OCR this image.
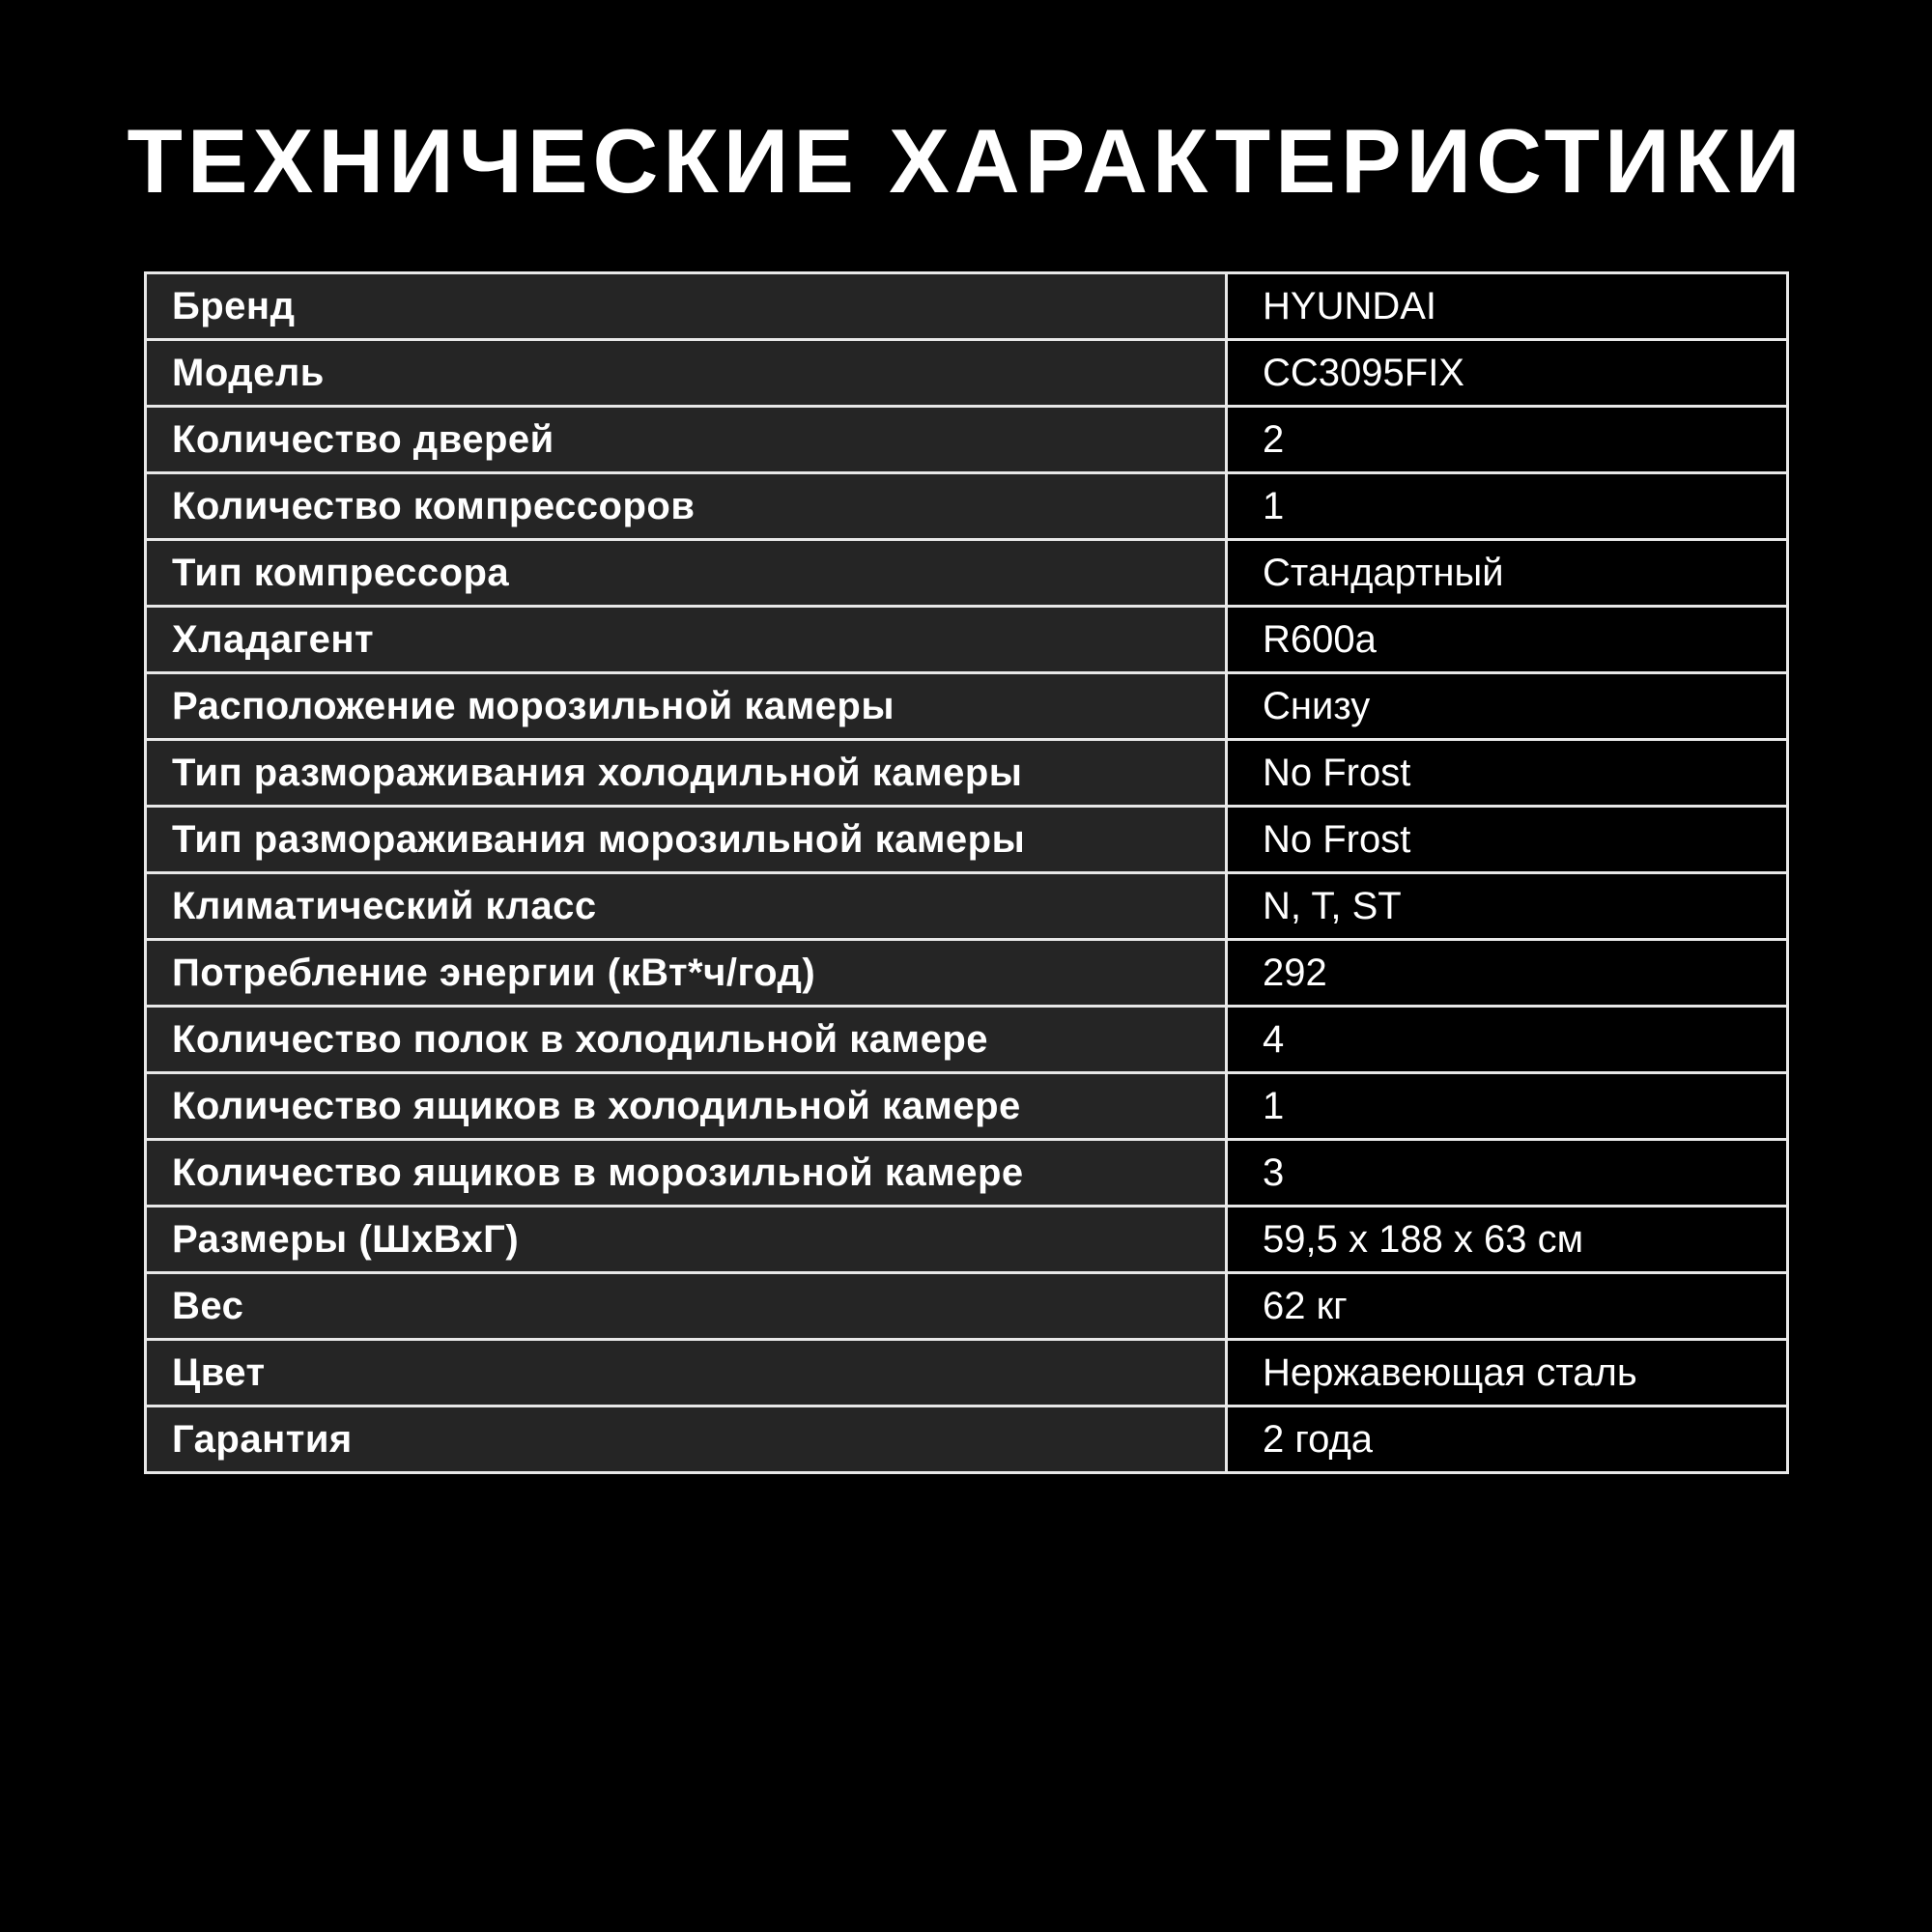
ТЕХНИЧЕСКИЕ ХАРАКТЕРИСТИКИ
Бренд	HYUNDAI
Модель	CC3095FIX
Количество дверей	2
Количество компрессоров	1
Тип компрессора	Стандартный
Хладагент	R600a
Расположение морозильной камеры	Снизу
Тип размораживания холодильной камеры	No Frost
Тип размораживания морозильной камеры	No Frost
Климатический класс	N, T, ST
Потребление энергии (кВт*ч/год)	292
Количество полок в холодильной камере	4
Количество ящиков в холодильной камере	1
Количество ящиков в морозильной камере	3
Размеры (ШхВхГ)	59,5 x 188 x 63 см
Вес	62 кг
Цвет	Нержавеющая сталь
Гарантия	2 года
